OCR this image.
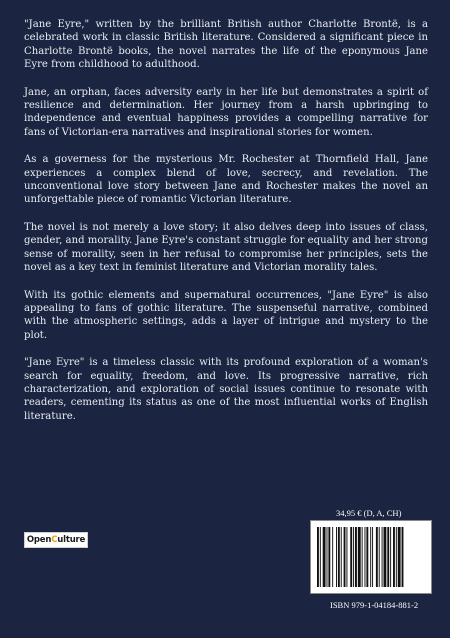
"Jane Eyre," written by the brilliant British author Charlotte Brontë, is a celebrated work in classic British literature. Considered a significant piece in Charlotte Brontë books, the novel narrates the life of the eponymous Jane Eyre from childhood to adulthood.

Jane, an orphan, faces adversity early in her life but demonstrates a spirit of resilience and determination. Her journey from a harsh upbringing to independence and eventual happiness provides a compelling narrative for fans of Victorian-era narratives and inspirational stories for women.

As a governess for the mysterious Mr. Rochester at Thornfield Hall, Jane experiences a complex blend of love, secrecy, and revelation. The unconventional love story between Jane and Rochester makes the novel an unforgettable piece of romantic Victorian literature.

The novel is not merely a love story; it also delves deep into issues of class, gender, and morality. Jane Eyre's constant struggle for equality and her strong sense of morality, seen in her refusal to compromise her principles, sets the novel as a key text in feminist literature and Victorian morality tales.

With its gothic elements and supernatural occurrences, "Jane Eyre" is also appealing to fans of gothic literature. The suspenseful narrative, combined with the atmospheric settings, adds a layer of intrigue and mystery to the plot.

"Jane Eyre" is a timeless classic with its profound exploration of a woman's search for equality, freedom, and love. Its progressive narrative, rich characterization, and exploration of social issues continue to resonate with readers, cementing its status as one of the most influential works of English literature.

Open C ulture
34,95 € (D, A, CH)
ISBN 979-1-04184-881-2
